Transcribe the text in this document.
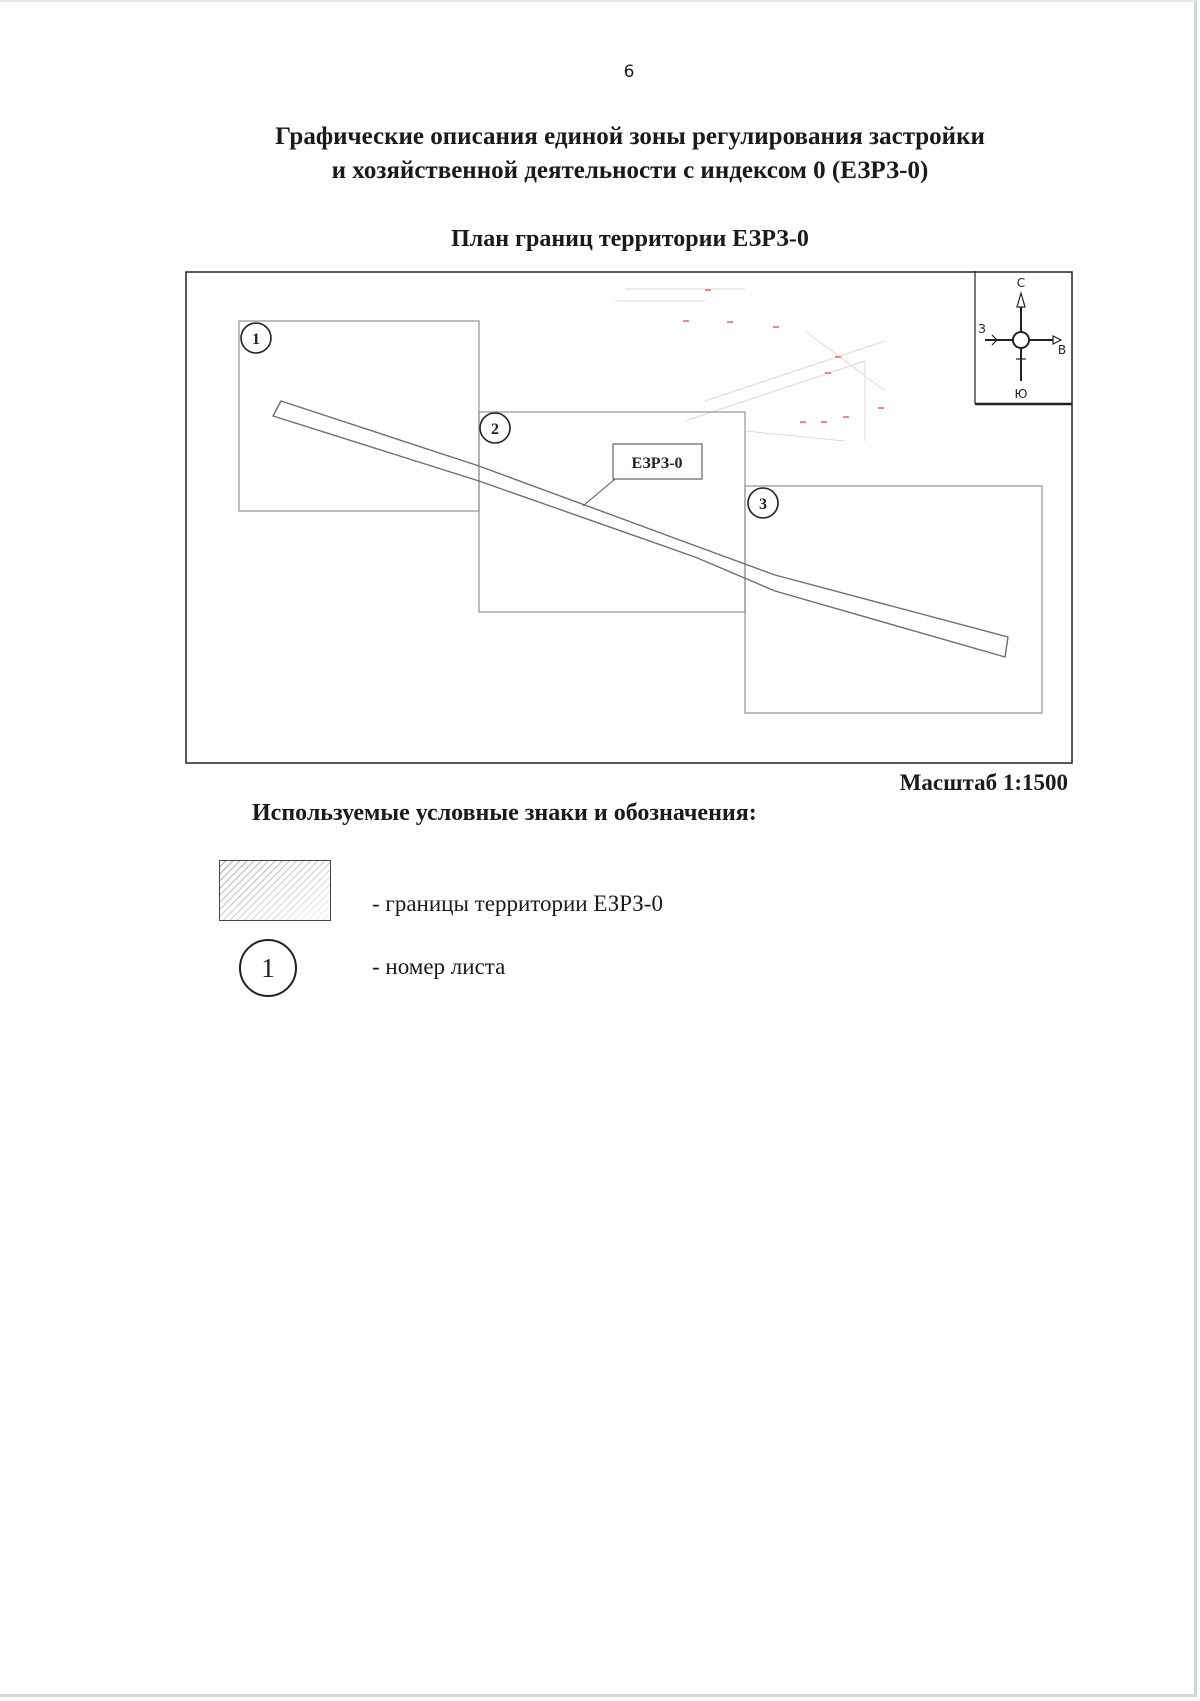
6
Графические описания единой зоны регулирования застройки
и хозяйственной деятельности с индексом 0 (ЕЗРЗ-0)
План границ территории ЕЗРЗ-0
ЕЗРЗ-0
1
2
3
С
З
В
Ю
Масштаб 1:1500
Используемые условные знаки и обозначения:
- границы территории ЕЗРЗ-0
1	- номер листа
